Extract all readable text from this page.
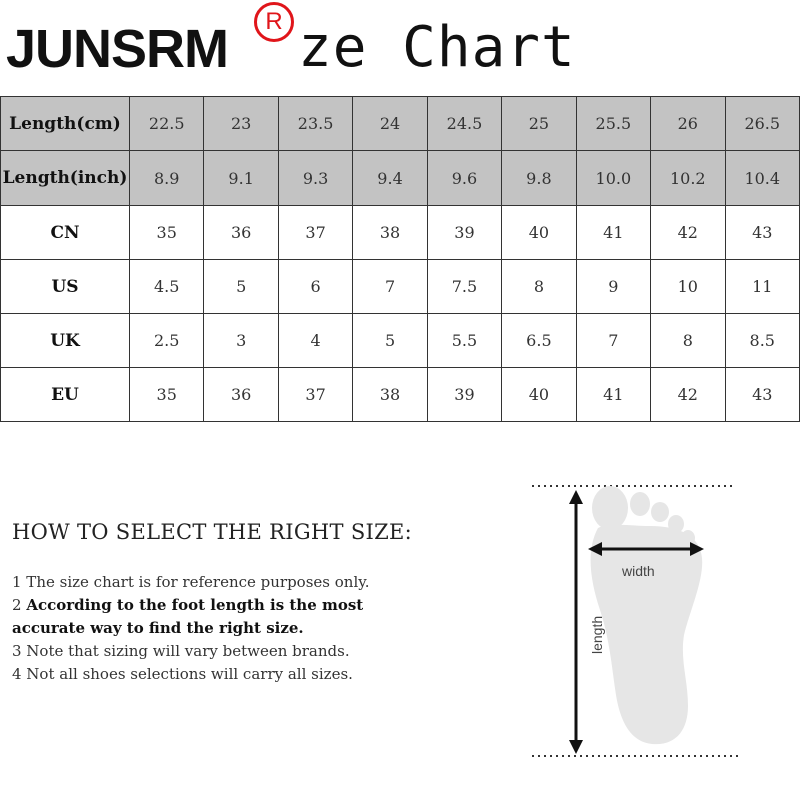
JUNSRM	R ze Chart
Length(cm)	22.5	23	23.5	24	24.5	25	25.5	26	26.5
Length(inch)	8.9	9.1	9.3	9.4	9.6	9.8	10.0	10.2	10.4
CN	35	36	37	38	39	40	41	42	43
US	4.5	5	6	7	7.5	8	9	10	11
UK	2.5	3	4	5	5.5	6.5	7	8	8.5
EU	35	36	37	38	39	40	41	42	43
HOW TO SELECT THE RIGHT SIZE:
1 The size chart is for reference purposes only.
2 According to the foot length is the most
accurate way to find the right size.
3 Note that sizing will vary between brands.
4 Not all shoes selections will carry all sizes.
width
length
